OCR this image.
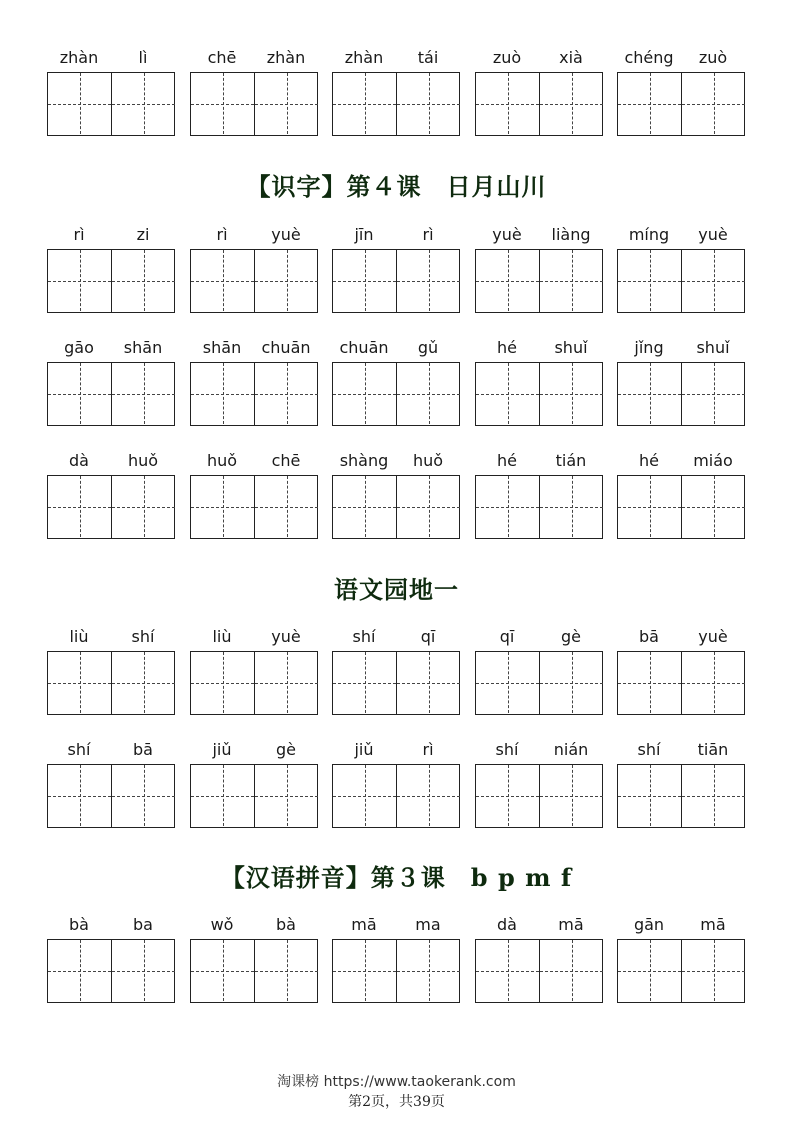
zhàn	lì	chē	zhàn	zhàn	tái	zuò	xià	chéng	zuò
【识字】第４课　日月山川
rì	zi	rì	yuè	jīn	rì	yuè	liàng	míng	yuè
gāo	shān	shān	chuān	chuān	gǔ	hé	shuǐ	jǐng	shuǐ
dà	huǒ	huǒ	chē	shàng	huǒ	hé	tián	hé	miáo
语文园地一
liù	shí	liù	yuè	shí	qī	qī	gè	bā	yuè
shí	bā	jiǔ	gè	jiǔ	rì	shí	nián	shí	tiān
【汉语拼音】第３课　b p m f
bà	ba	wǒ	bà	mā	ma	dà	mā	gān	mā
淘课榜 https://www.taokerank.com
第2页，共39页
